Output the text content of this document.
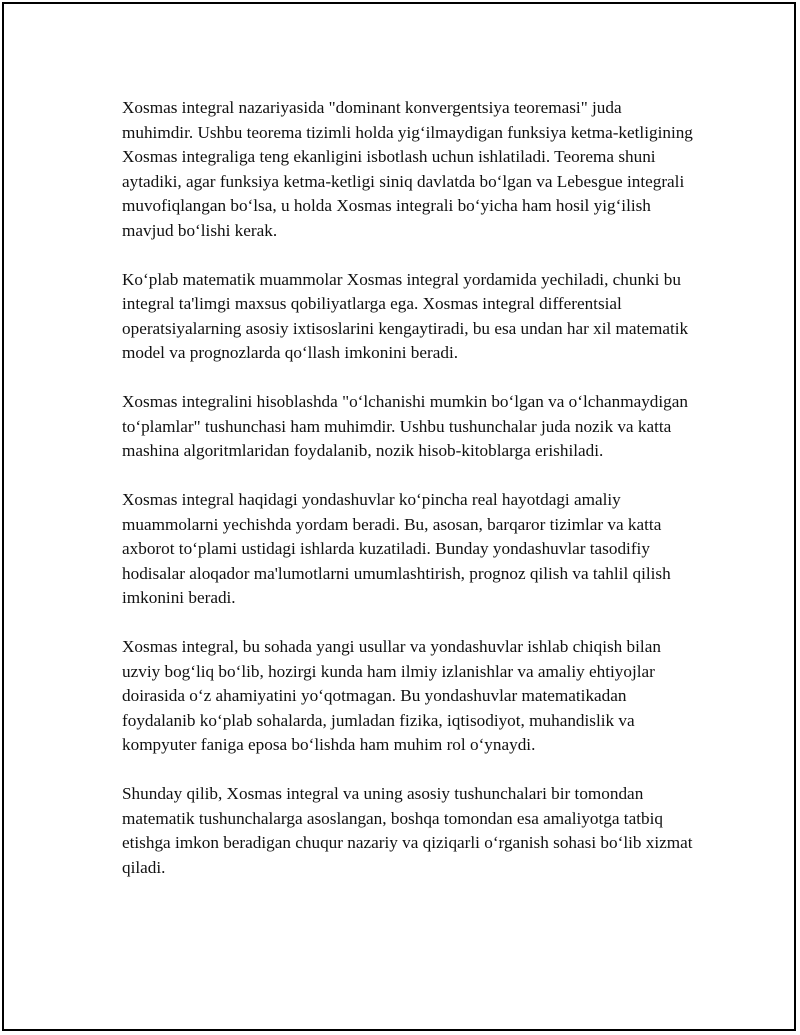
Xosmas integral nazariyasida "dominant konvergentsiya teoremasi" juda muhimdir. Ushbu teorema tizimli holda yig‘ilmaydigan funksiya ketma-ketligining Xosmas integraliga teng ekanligini isbotlash uchun ishlatiladi. Teorema shuni aytadiki, agar funksiya ketma-ketligi siniq davlatda bo‘lgan va Lebesgue integrali muvofiqlangan bo‘lsa, u holda Xosmas integrali bo‘yicha ham hosil yig‘ilish mavjud bo‘lishi kerak.

Ko‘plab matematik muammolar Xosmas integral yordamida yechiladi, chunki bu integral ta'limgi maxsus qobiliyatlarga ega. Xosmas integral differentsial operatsiyalarning asosiy ixtisoslarini kengaytiradi, bu esa undan har xil matematik model va prognozlarda qo‘llash imkonini beradi.

Xosmas integralini hisoblashda "o‘lchanishi mumkin bo‘lgan va o‘lchanmaydigan to‘plamlar" tushunchasi ham muhimdir. Ushbu tushunchalar juda nozik va katta mashina algoritmlaridan foydalanib, nozik hisob-kitoblarga erishiladi.

Xosmas integral haqidagi yondashuvlar ko‘pincha real hayotdagi amaliy muammolarni yechishda yordam beradi. Bu, asosan, barqaror tizimlar va katta axborot to‘plami ustidagi ishlarda kuzatiladi. Bunday yondashuvlar tasodifiy hodisalar aloqador ma'lumotlarni umumlashtirish, prognoz qilish va tahlil qilish imkonini beradi.

Xosmas integral, bu sohada yangi usullar va yondashuvlar ishlab chiqish bilan uzviy bog‘liq bo‘lib, hozirgi kunda ham ilmiy izlanishlar va amaliy ehtiyojlar doirasida o‘z ahamiyatini yo‘qotmagan. Bu yondashuvlar matematikadan foydalanib ko‘plab sohalarda, jumladan fizika, iqtisodiyot, muhandislik va kompyuter faniga eposa bo‘lishda ham muhim rol o‘ynaydi.

Shunday qilib, Xosmas integral va uning asosiy tushunchalari bir tomondan matematik tushunchalarga asoslangan, boshqa tomondan esa amaliyotga tatbiq etishga imkon beradigan chuqur nazariy va qiziqarli o‘rganish sohasi bo‘lib xizmat qiladi.
